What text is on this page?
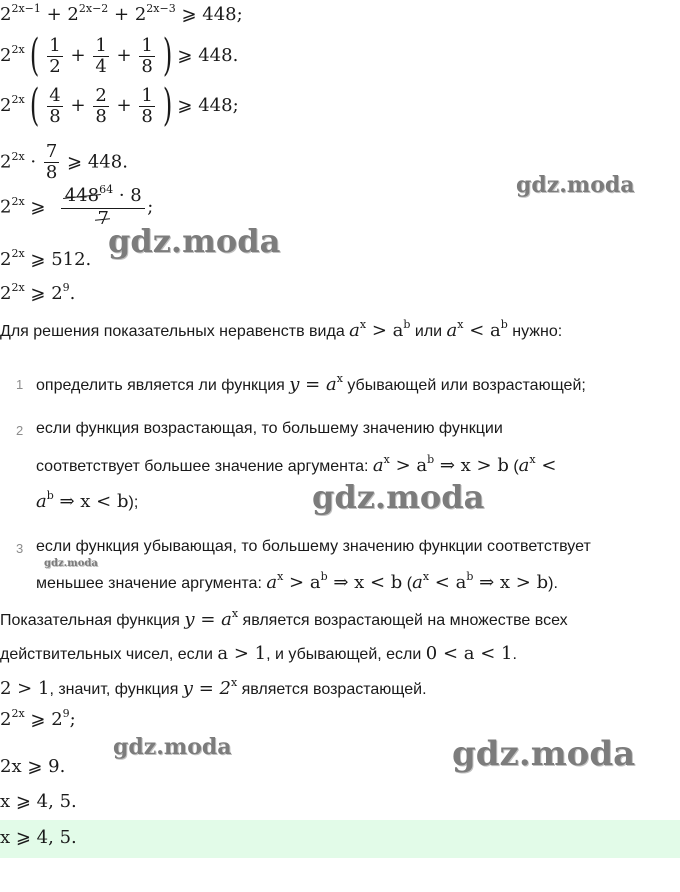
$2^{2x-1} + 2^{2x-2} + 2^{2x-3}$ ⩾ 448;
$2^{2x}$ ( $\frac{1}{2} + \frac{1}{4} + \frac{1}{8}$ ) ⩾ 448.
$2^{2x}$ ( $\frac{4}{8} + \frac{2}{8} + \frac{1}{8}$ ) ⩾ 448;
$2^{2x} \cdot \frac{7}{8}$ ⩾ 448.
$2^{2x}$ ⩾ $\frac{448^{64} \cdot 8}{7}$ ;
$2^{2x}$ ⩾ 512.
$2^{2x}$ ⩾ $2^9$.
Для решения показательных неравенств вида $a^x > a^b$ или $a^x < a^b$ нужно:
1 определить является ли функция $y = a^x$ убывающей или возрастающей;
2 если функция возрастающая, то большему значению функции
соответствует большее значение аргумента: $a^x > a^b$ ⇒ x > b ($a^x$ <
$a^b$ ⇒ x < b);
3 если функция убывающая, то большему значению функции соответствует
меньшее значение аргумента: $a^x > a^b$ ⇒ x < b ($a^x < a^b$ ⇒ x > b).
Показательная функция $y = a^x$ является возрастающей на множестве всех
действительных чисел, если a > 1, и убывающей, если 0 < a < 1.
2 > 1, значит, функция $y = 2^x$ является возрастающей.
$2^{2x}$ ⩾ $2^9$;
2x ⩾ 9.
x ⩾ 4, 5.
x ⩾ 4, 5.
gdz.moda
gdz.moda
gdz.moda
gdz.moda
gdz.moda	gdz.moda
